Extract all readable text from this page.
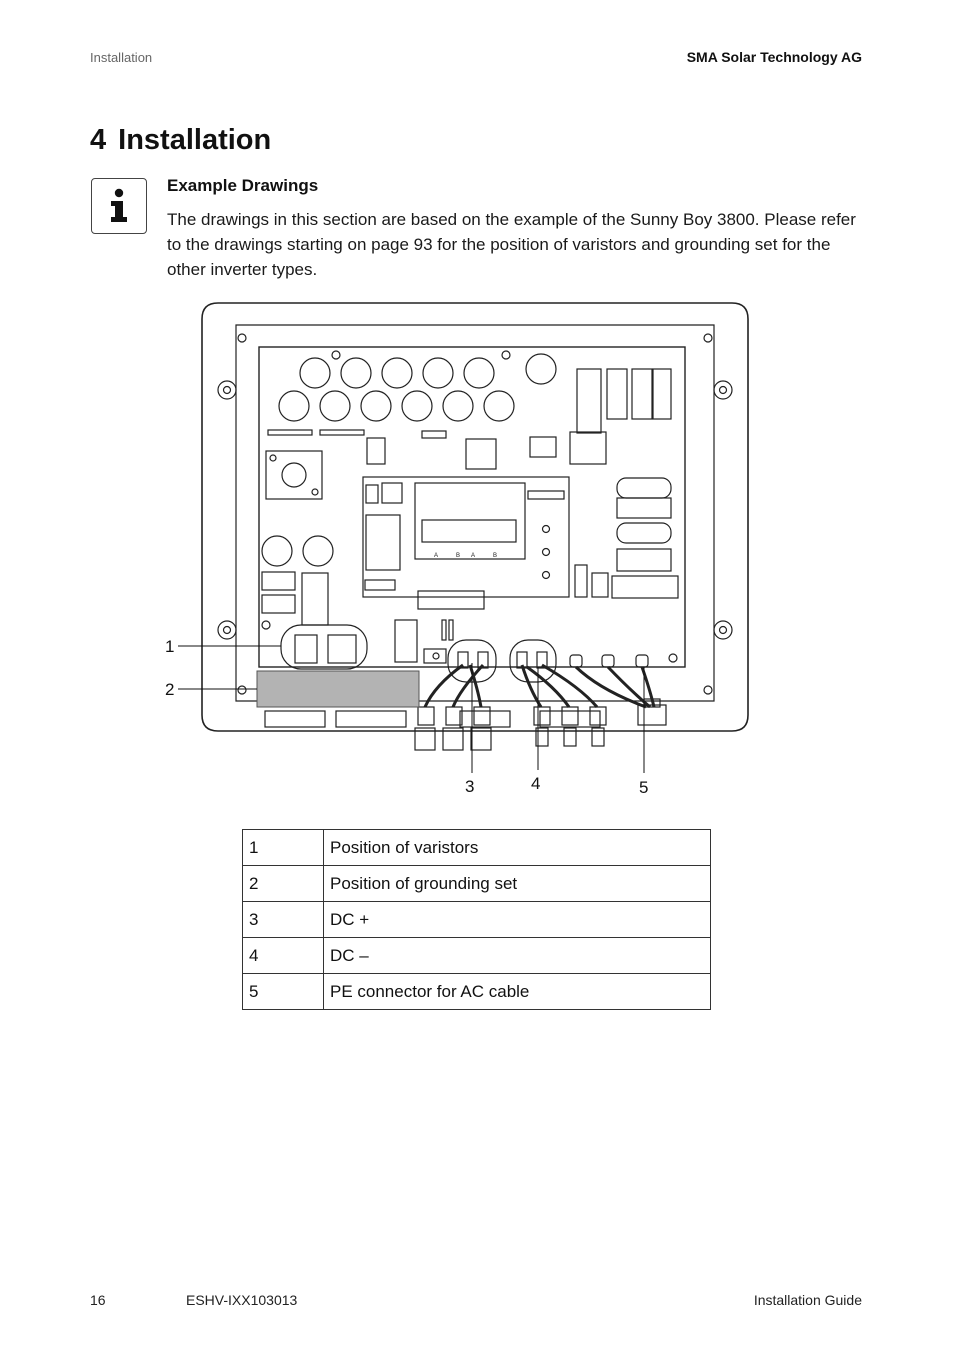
Installation	SMA Solar Technology AG
4 Installation
Example Drawings
The drawings in this section are based on the example of the Sunny Boy 3800. Please refer to the drawings starting on page 93 for the position of varistors and grounding set for the other inverter types.
A	B A	B
1
2
3	4	5
1	Position of varistors
2	Position of grounding set
3	DC +
4	DC –
5	PE connector for AC cable
16	ESHV-IXX103013	Installation Guide
